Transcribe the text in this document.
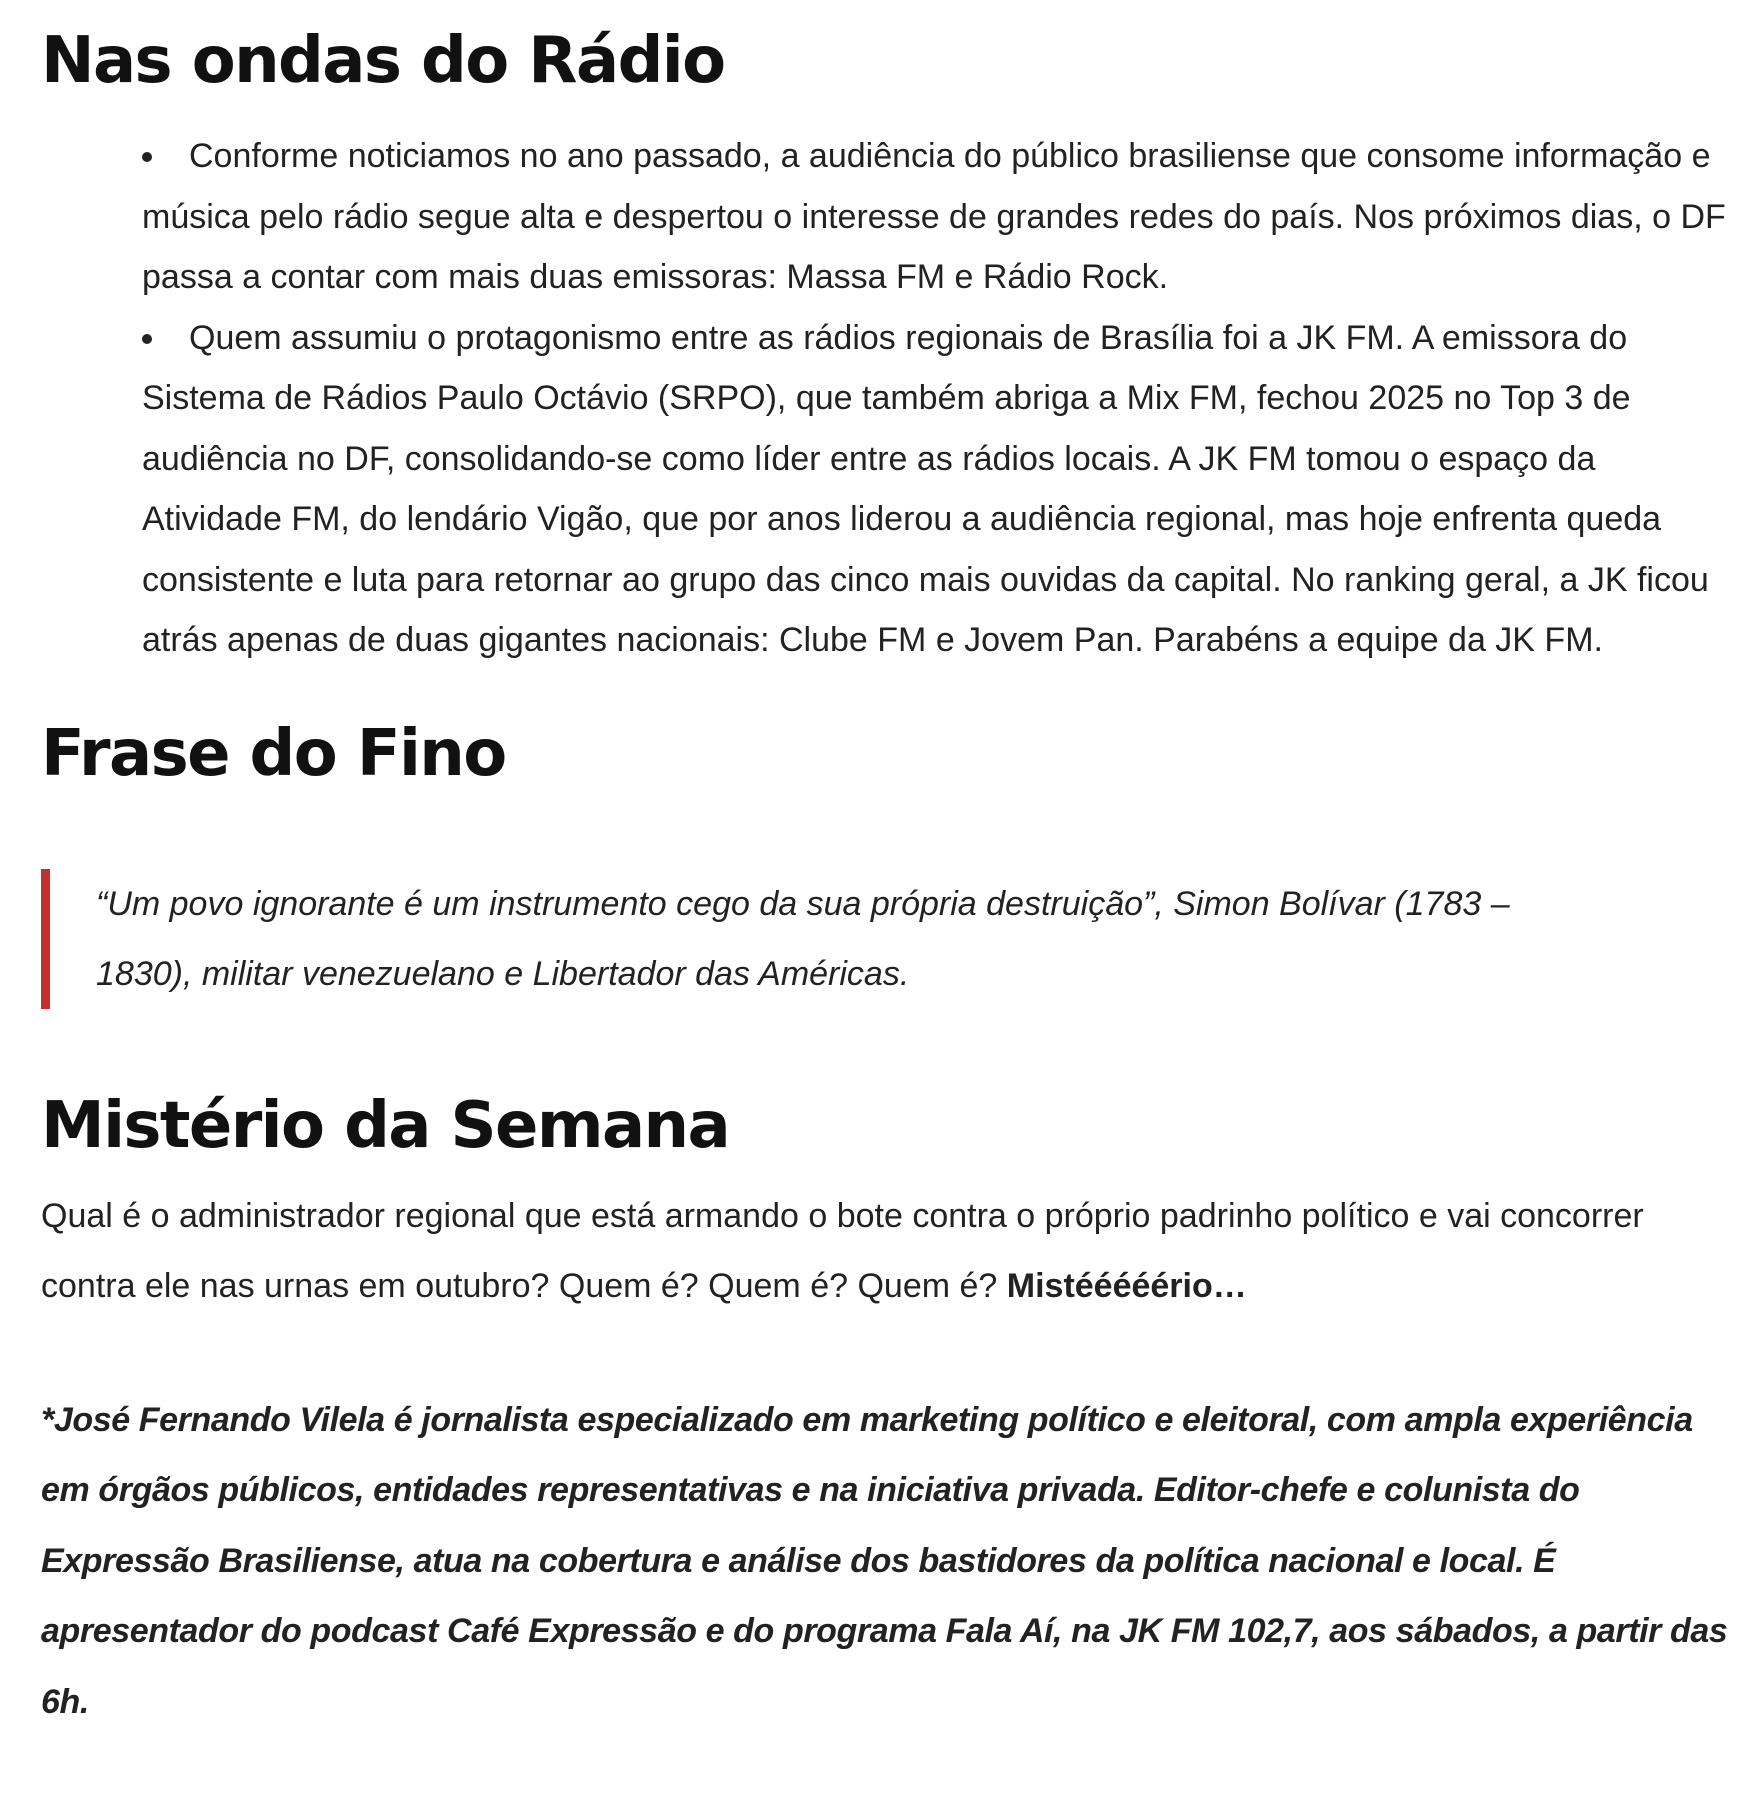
Nas ondas do Rádio
Conforme noticiamos no ano passado, a audiência do público brasiliense que consome informação e música pelo rádio segue alta e despertou o interesse de grandes redes do país. Nos próximos dias, o DF passa a contar com mais duas emissoras: Massa FM e Rádio Rock.
Quem assumiu o protagonismo entre as rádios regionais de Brasília foi a JK FM. A emissora do Sistema de Rádios Paulo Octávio (SRPO), que também abriga a Mix FM, fechou 2025 no Top 3 de audiência no DF, consolidando-se como líder entre as rádios locais. A JK FM tomou o espaço da Atividade FM, do lendário Vigão, que por anos liderou a audiência regional, mas hoje enfrenta queda consistente e luta para retornar ao grupo das cinco mais ouvidas da capital. No ranking geral, a JK ficou atrás apenas de duas gigantes nacionais: Clube FM e Jovem Pan. Parabéns a equipe da JK FM.
Frase do Fino
“Um povo ignorante é um instrumento cego da sua própria destruição”, Simon Bolívar (1783 – 1830), militar venezuelano e Libertador das Américas.
Mistério da Semana

Qual é o administrador regional que está armando o bote contra o próprio padrinho político e vai concorrer contra ele nas urnas em outubro? Quem é? Quem é? Quem é? Mistééééério…

*José Fernando Vilela é jornalista especializado em marketing político e eleitoral, com ampla experiência em órgãos públicos, entidades representativas e na iniciativa privada. Editor-chefe e colunista do Expressão Brasiliense, atua na cobertura e análise dos bastidores da política nacional e local. É apresentador do podcast Café Expressão e do programa Fala Aí, na JK FM 102,7, aos sábados, a partir das 6h.
